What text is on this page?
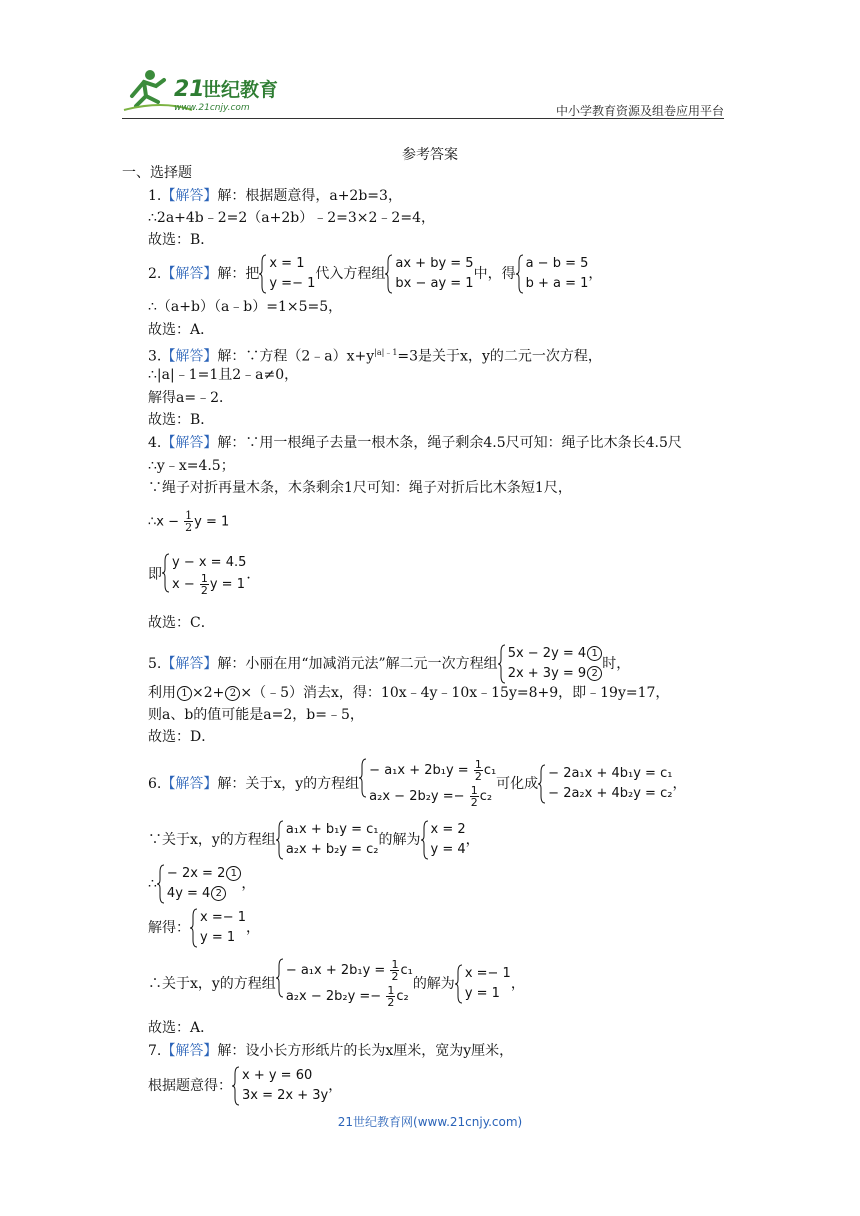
21
世纪教育
www.21cnjy.com	中小学教育资源及组卷应用平台
参考答案
一、选择题
1.【解答】解：根据题意得，a+2b=3，
∴2a+4b﹣2=2（a+2b）﹣2=3×2﹣2=4，
故选：B．
2.【解答】解：把
x = 1
y =− 1
代入方程组
ax + by = 5
bx − ay = 1
中，得
a − b = 5
b + a = 1
，
∴（a+b）（a﹣b）=1×5=5，
故选：A．
3.【解答】解：∵方程$(2﹣a)x+y^{|a|﹣1}=3$是关于x，y的二元一次方程，
∴|a|﹣1=1且2﹣a≠0，
解得a=﹣2．
故选：B．
4.【解答】解：∵用一根绳子去量一根木条，绳子剩余4.5尺可知：绳子比木条长4.5尺
∴y﹣x=4.5；
∵绳子对折再量木条，木条剩余1尺可知：绳子对折后比木条短1尺，
∴x − $\frac{1}{2}$ y = 1
即
y − x = 4.5
$x - \frac{1}{2}$ y = 1
．
故选：C．
5.【解答】解：小丽在用“加减消元法”解二元一次方程组
5x − 2y = 4 1
2x + 3y = 9 2
时，
利用 1 ×2+ 2 ×（﹣5）消去x，得：10x﹣4y﹣10x﹣15y=8+9，即﹣19y=17，
则a、b的值可能是a=2，b=﹣5，
故选：D．
6.【解答】解：关于x，y的方程组
− $a_1x + 2b_1y = \frac{1}{2} c_1$
$a_2x - 2b_2y =- \frac{1}{2} c_2$
可化成
− 2a₁x + 4b₁y = c₁
− 2a₂x + 4b₂y = c₂
，
∵关于x，y的方程组
a₁x + b₁y = c₁
a₂x + b₂y = c₂
的解为
x = 2
y = 4
，
∴
− 2x = 2 1
4y = 4 2
，
解得：
x =− 1
y = 1
，
∴关于x，y的方程组
− $a_1x + 2b_1y = \frac{1}{2} c_1$
$a_2x - 2b_2y =- \frac{1}{2} c_2$
的解为
x =− 1
y = 1
，
故选：A．
7.【解答】解：设小长方形纸片的长为x厘米，宽为y厘米，
根据题意得：
x + y = 60
3x = 2x + 3y
，
21世纪教育网(www.21cnjy.com)
